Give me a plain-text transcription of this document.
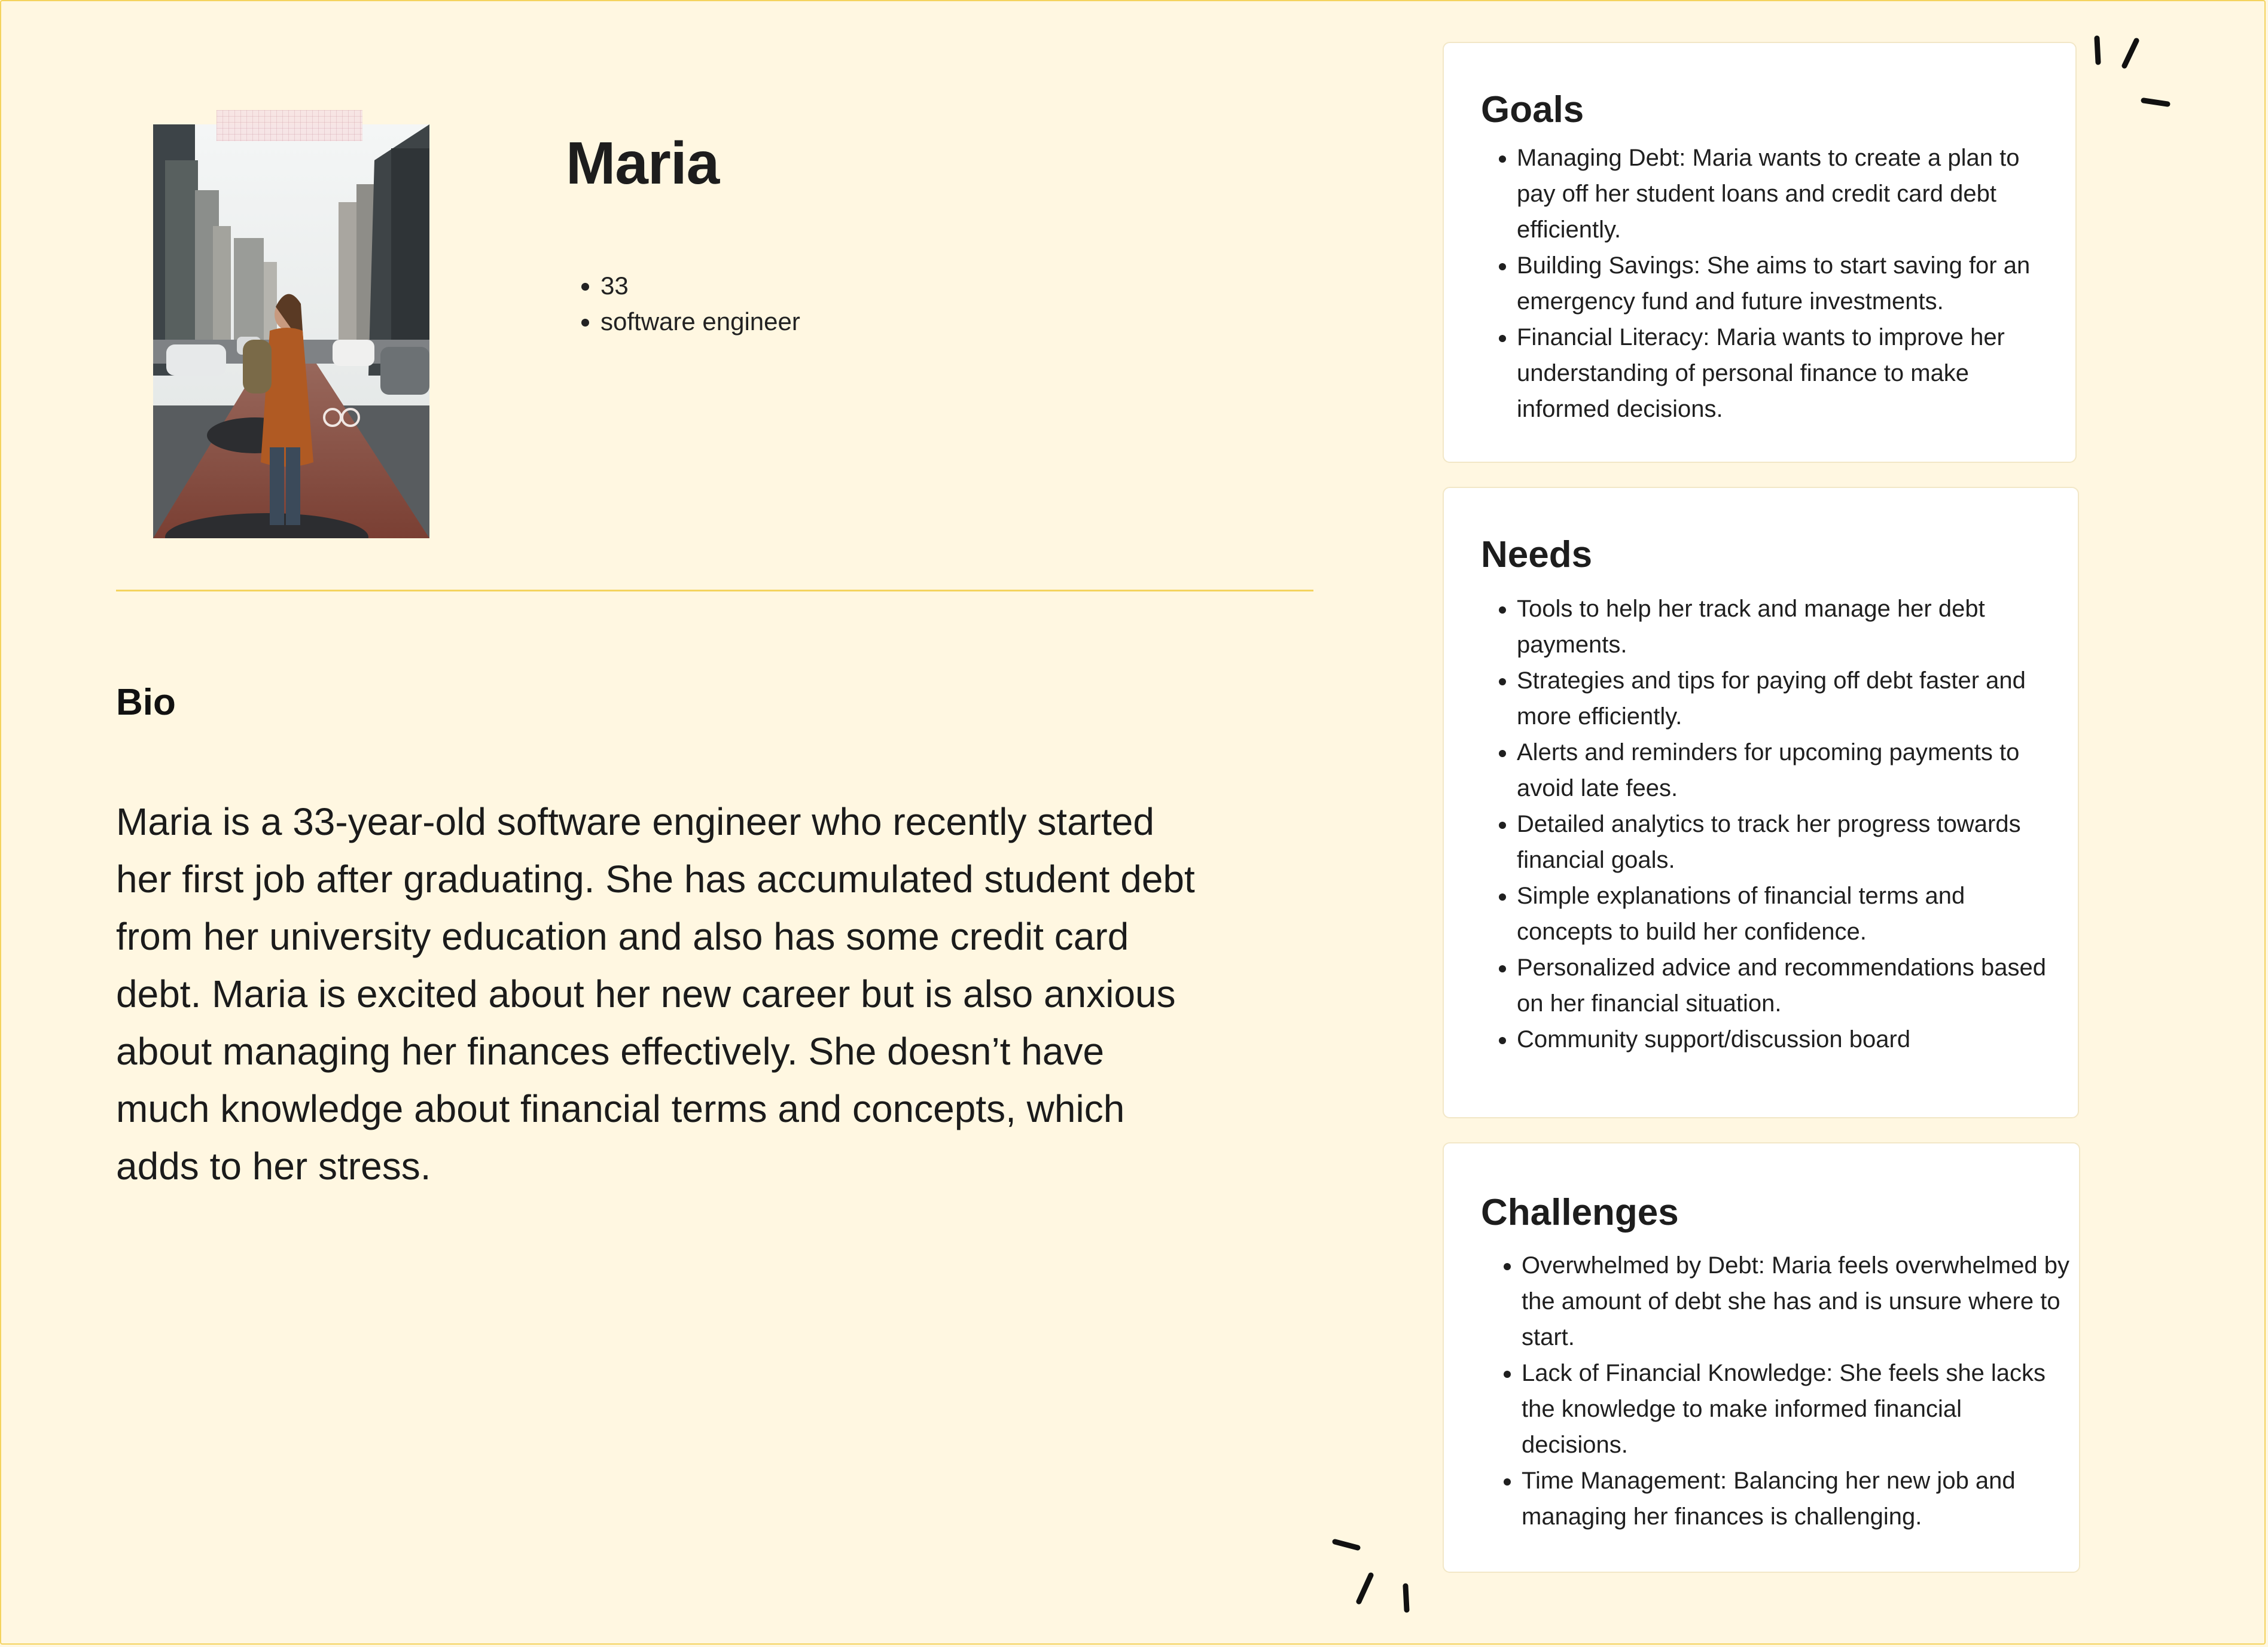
Maria
• 33
• software engineer
Bio

Maria is a 33-year-old software engineer who recently started her first job after graduating. She has accumulated student debt from her university education and also has some credit card debt. Maria is excited about her new career but is also anxious about managing her finances effectively. She doesn’t have much knowledge about financial terms and concepts, which adds to her stress.

Goals
• Managing Debt: Maria wants to create a plan to pay off her student loans and credit card debt efficiently.
• Building Savings: She aims to start saving for an emergency fund and future investments.
• Financial Literacy: Maria wants to improve her understanding of personal finance to make informed decisions.
Needs
• Tools to help her track and manage her debt payments.
• Strategies and tips for paying off debt faster and more efficiently.
• Alerts and reminders for upcoming payments to avoid late fees.
• Detailed analytics to track her progress towards financial goals.
• Simple explanations of financial terms and concepts to build her confidence.
• Personalized advice and recommendations based on her financial situation.
• Community support/discussion board
Challenges
• Overwhelmed by Debt: Maria feels overwhelmed by the amount of debt she has and is unsure where to start.
• Lack of Financial Knowledge: She feels she lacks the knowledge to make informed financial decisions.
• Time Management: Balancing her new job and managing her finances is challenging.
